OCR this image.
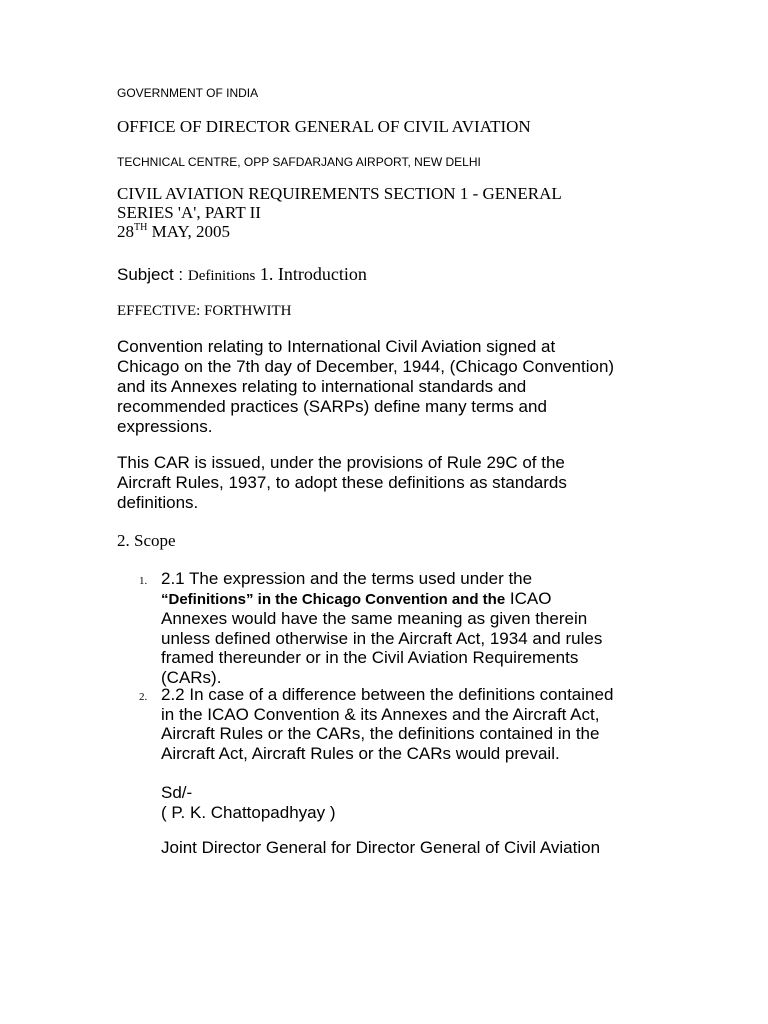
GOVERNMENT OF INDIA
OFFICE OF DIRECTOR GENERAL OF CIVIL AVIATION
TECHNICAL CENTRE, OPP SAFDARJANG AIRPORT, NEW DELHI
CIVIL AVIATION REQUIREMENTS SECTION 1 - GENERAL
SERIES 'A', PART II
28TH MAY, 2005
Subject : Definitions 1. Introduction
EFFECTIVE: FORTHWITH
Convention relating to International Civil Aviation signed at
Chicago on the 7th day of December, 1944, (Chicago Convention)
and its Annexes relating to international standards and
recommended practices (SARPs) define many terms and
expressions.
This CAR is issued, under the provisions of Rule 29C of the
Aircraft Rules, 1937, to adopt these definitions as standards
definitions.
2. Scope
1. 2.1 The expression and the terms used under the
“Definitions” in the Chicago Convention and the ICAO
Annexes would have the same meaning as given therein
unless defined otherwise in the Aircraft Act, 1934 and rules
framed thereunder or in the Civil Aviation Requirements
(CARs).
2. 2.2 In case of a difference between the definitions contained
in the ICAO Convention & its Annexes and the Aircraft Act,
Aircraft Rules or the CARs, the definitions contained in the
Aircraft Act, Aircraft Rules or the CARs would prevail.
Sd/-
( P. K. Chattopadhyay )
Joint Director General for Director General of Civil Aviation
